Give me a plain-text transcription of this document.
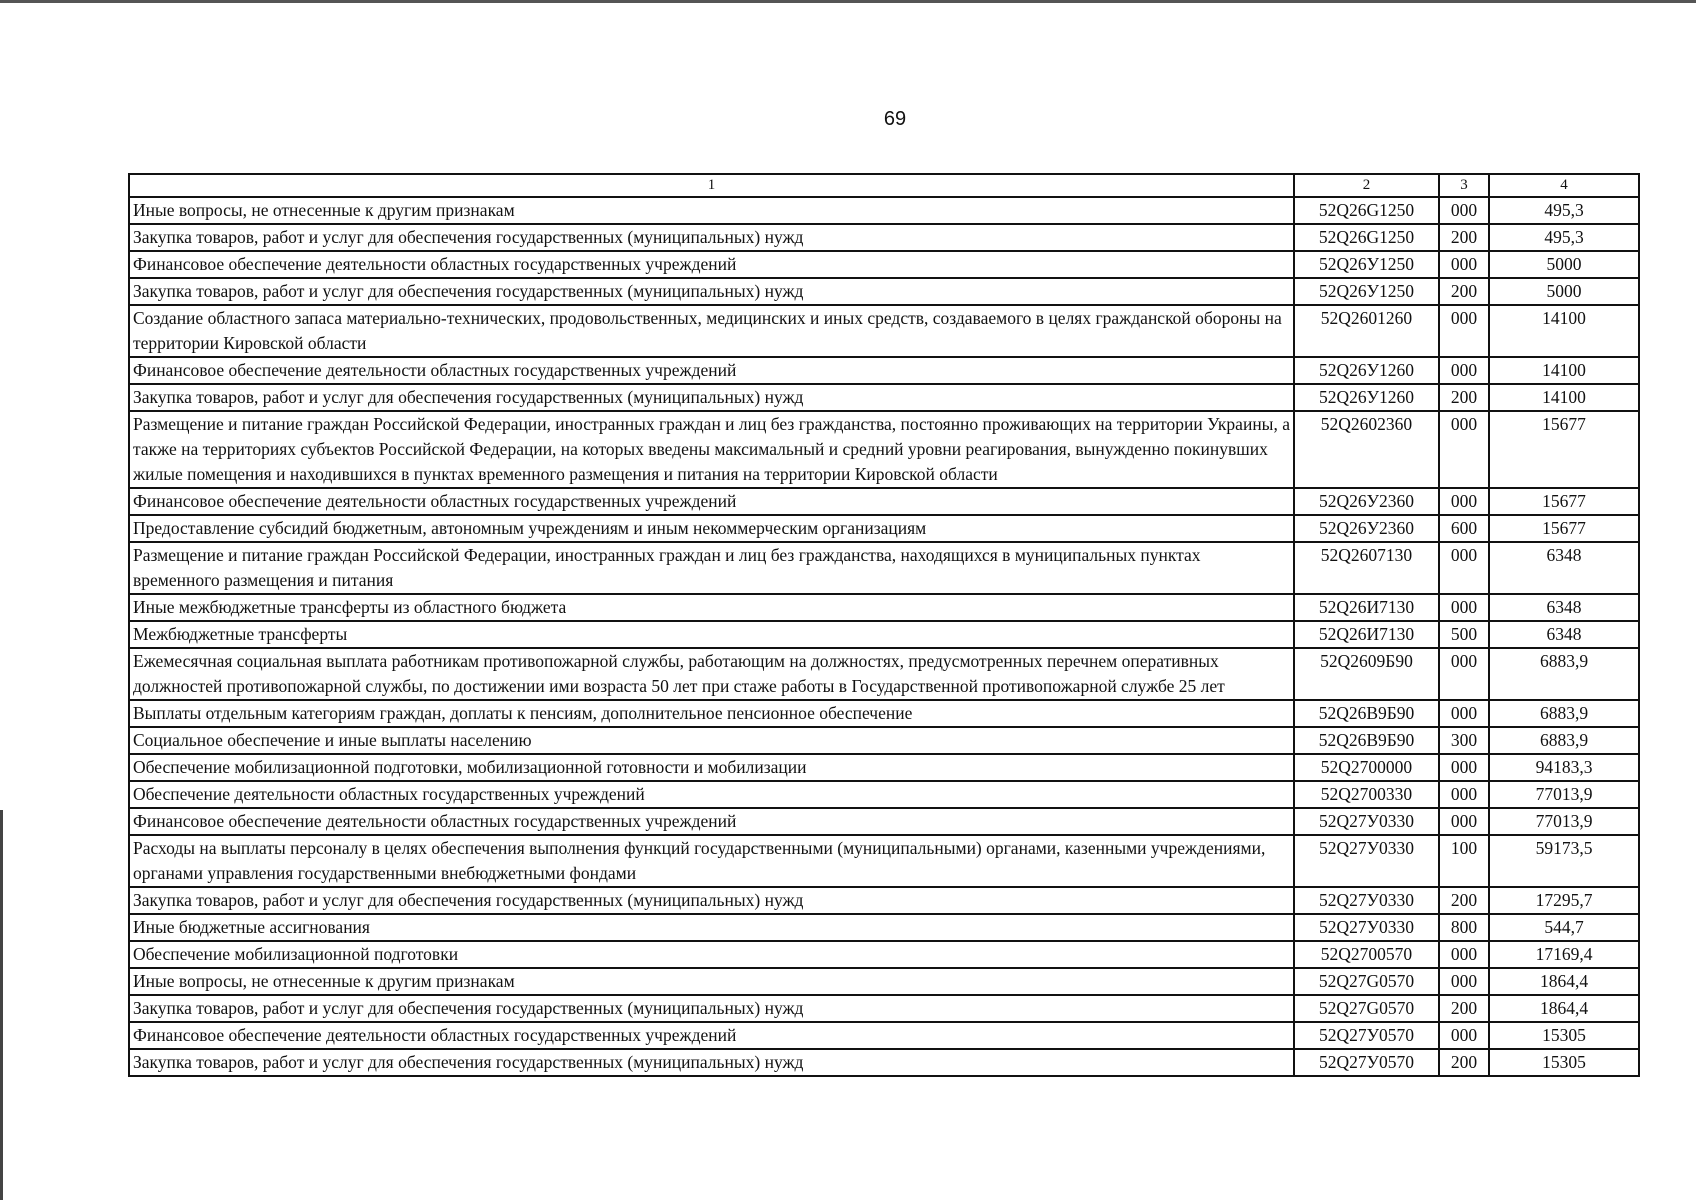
69
1	2	3	4
Иные вопросы, не отнесенные к другим признакам	52Q26G1250	000	495,3
Закупка товаров, работ и услуг для обеспечения государственных (муниципальных) нужд	52Q26G1250	200	495,3
Финансовое обеспечение деятельности областных государственных учреждений	52Q26У1250	000	5000
Закупка товаров, работ и услуг для обеспечения государственных (муниципальных) нужд	52Q26У1250	200	5000
Создание областного запаса материально-технических, продовольственных, медицинских и иных средств, создаваемого в целях гражданской обороны на территории Кировской области	52Q2601260	000	14100
Финансовое обеспечение деятельности областных государственных учреждений	52Q26У1260	000	14100
Закупка товаров, работ и услуг для обеспечения государственных (муниципальных) нужд	52Q26У1260	200	14100
Размещение и питание граждан Российской Федерации, иностранных граждан и лиц без гражданства, постоянно проживающих на территории Украины, а также на территориях субъектов Российской Федерации, на которых введены максимальный и средний уровни реагирования, вынужденно покинувших жилые помещения и находившихся в пунктах временного размещения и питания на территории Кировской области	52Q2602360	000	15677
Финансовое обеспечение деятельности областных государственных учреждений	52Q26У2360	000	15677
Предоставление субсидий бюджетным, автономным учреждениям и иным некоммерческим организациям	52Q26У2360	600	15677
Размещение и питание граждан Российской Федерации, иностранных граждан и лиц без гражданства, находящихся в муниципальных пунктах временного размещения и питания	52Q2607130	000	6348
Иные межбюджетные трансферты из областного бюджета	52Q26И7130	000	6348
Межбюджетные трансферты	52Q26И7130	500	6348
Ежемесячная социальная выплата работникам противопожарной службы, работающим на должностях, предусмотренных перечнем оперативных должностей противопожарной службы, по достижении ими возраста 50 лет при стаже работы в Государственной противопожарной службе 25 лет	52Q2609Б90	000	6883,9
Выплаты отдельным категориям граждан, доплаты к пенсиям, дополнительное пенсионное обеспечение	52Q26В9Б90	000	6883,9
Социальное обеспечение и иные выплаты населению	52Q26В9Б90	300	6883,9
Обеспечение мобилизационной подготовки, мобилизационной готовности и мобилизации	52Q2700000	000	94183,3
Обеспечение деятельности областных государственных учреждений	52Q2700330	000	77013,9
Финансовое обеспечение деятельности областных государственных учреждений	52Q27У0330	000	77013,9
Расходы на выплаты персоналу в целях обеспечения выполнения функций государственными (муниципальными) органами, казенными учреждениями, органами управления государственными внебюджетными фондами	52Q27У0330	100	59173,5
Закупка товаров, работ и услуг для обеспечения государственных (муниципальных) нужд	52Q27У0330	200	17295,7
Иные бюджетные ассигнования	52Q27У0330	800	544,7
Обеспечение мобилизационной подготовки	52Q2700570	000	17169,4
Иные вопросы, не отнесенные к другим признакам	52Q27G0570	000	1864,4
Закупка товаров, работ и услуг для обеспечения государственных (муниципальных) нужд	52Q27G0570	200	1864,4
Финансовое обеспечение деятельности областных государственных учреждений	52Q27У0570	000	15305
Закупка товаров, работ и услуг для обеспечения государственных (муниципальных) нужд	52Q27У0570	200	15305
